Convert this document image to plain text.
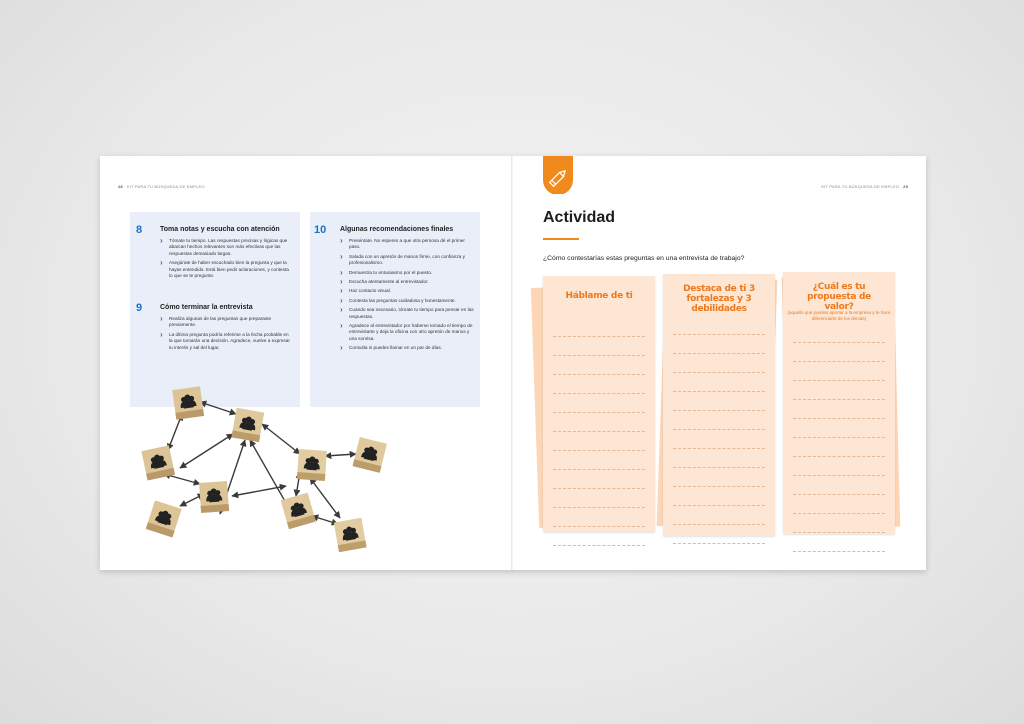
28 KIT PARA TU BÚSQUEDA DE EMPLEO
8	Toma notas y escucha con atención
› Tómate tu tiempo. Las respuestas precisas y lógicas que abarcan hechos relevantes son más efectivas que las respuestas demasiado largas.
› Asegúrate de haber escuchado bien la pregunta y que la hayas entendido. Está bien pedir aclaraciones, y contesta lo que se te pregunte.
9	Cómo terminar la entrevista
› Realiza algunas de las preguntas que preparaste previamente.
› La última pregunta podría referirse a la fecha probable en la que tomarán una decisión. Agradece, vuelve a expresar tu interés y sal del lugar.
10 Algunas recomendaciones finales
› Preséntate. No esperes a que otra persona dé el primer paso.
› Saluda con un apretón de manos firme, con confianza y profesionalismo.
› Demuestra tu entusiasmo por el puesto.
› Escucha atentamente al entrevistador.
› Haz contacto visual.
› Contesta las preguntas cuidadosa y honestamente.
› Cuando sea necesario, tómate tu tiempo para pensar en las respuestas.
› Agradece al entrevistador por haberse tomado el tiempo de entrevistarte y deja la oficina con otro apretón de manos y una sonrisa.
› Consulta si puedes llamar en un par de días.
KIT PARA TU BÚSQUEDA DE EMPLEO 29
Actividad
¿Cómo contestarías estas preguntas en una entrevista de trabajo?
Háblame de ti
Destaca de ti 3 fortalezas y 3 debilidades
¿Cuál es tu propuesta de valor?
(aquello que puedes aportar a la empresa y te hace diferenciarte de los demás)
